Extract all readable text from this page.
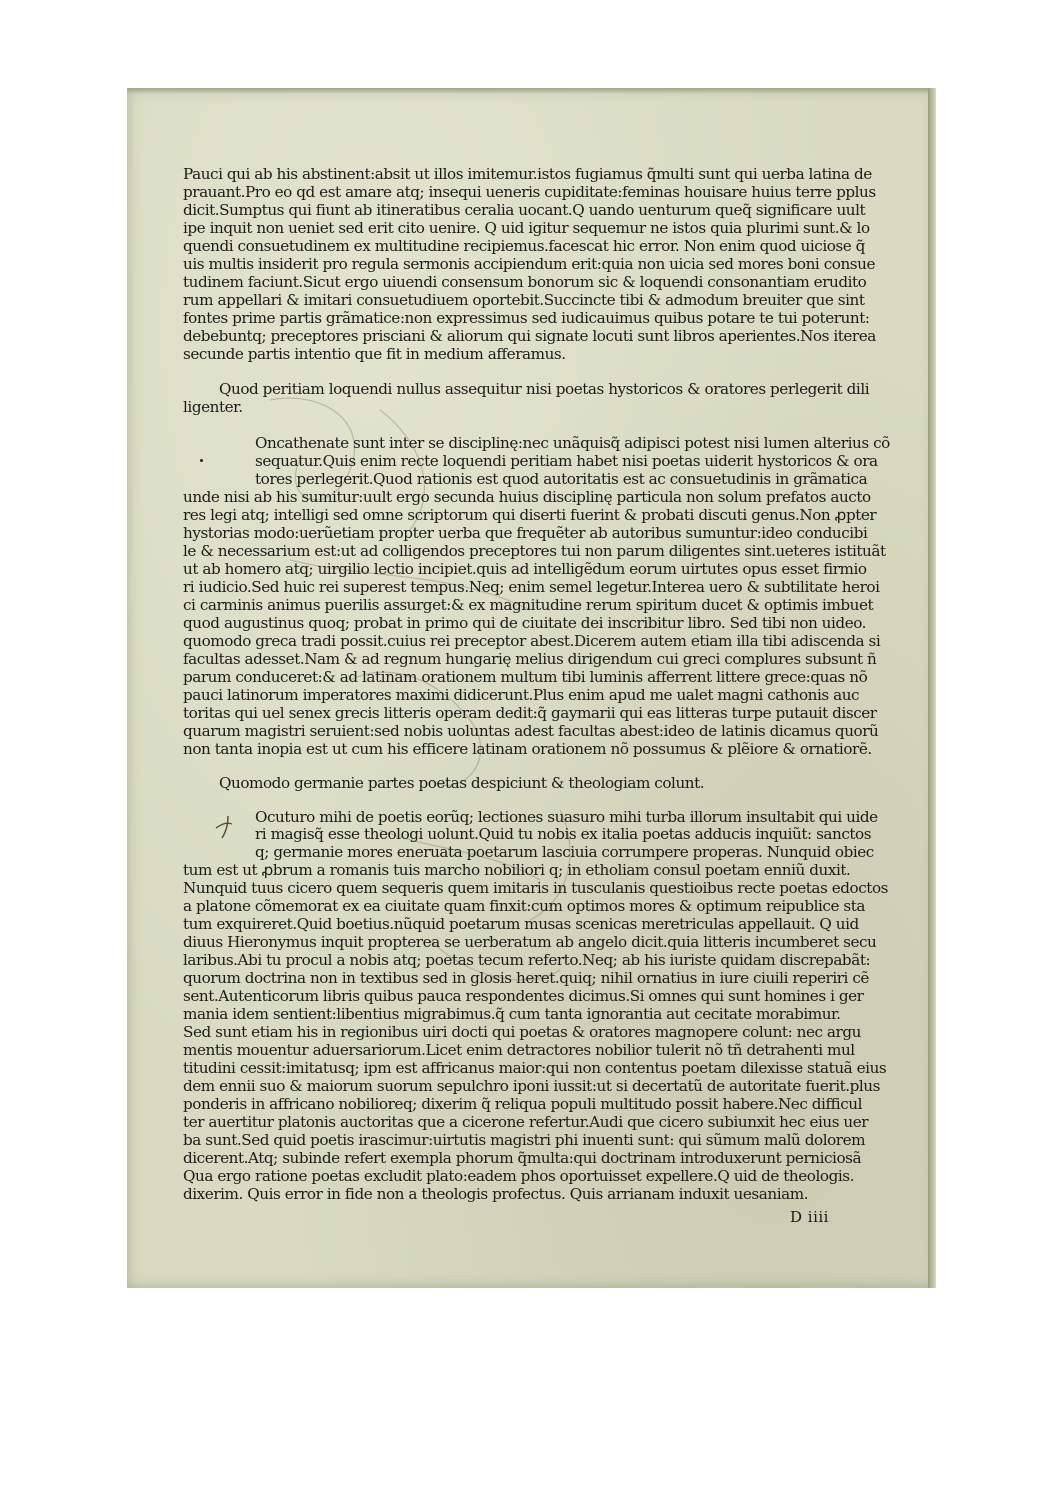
Pauci qui ab his abstinent:absit ut illos imitemur.istos fugiamus q̃multi sunt qui uerba latina de
prauant.Pro eo qd est amare atq; insequi ueneris cupiditate:feminas houisare huius terre pplus
dicit.Sumptus qui fiunt ab itineratibus ceralia uocant.Q uando uenturum queq̃ significare uult
ipe inquit non ueniet sed erit cito uenire. Q uid igitur sequemur ne istos quia plurimi sunt.& lo
quendi consuetudinem ex multitudine recipiemus.facescat hic error. Non enim quod uiciose q̃
uis multis insiderit pro regula sermonis accipiendum erit:quia non uicia sed mores boni consue
tudinem faciunt.Sicut ergo uiuendi consensum bonorum sic & loquendi consonantiam erudito
rum appellari & imitari consuetudiuem oportebit.Succincte tibi & admodum breuiter que sint
fontes prime partis grãmatice:non expressimus sed iudicauimus quibus potare te tui poterunt:
debebuntq; preceptores prisciani & aliorum qui signate locuti sunt libros aperientes.Nos iterea
secunde partis intentio que fit in medium afferamus.
Quod peritiam loquendi nullus assequitur nisi poetas hystoricos & oratores perlegerit dili
ligenter.
Oncathenate sunt inter se disciplinę:nec unãquisq̃ adipisci potest nisi lumen alterius cõ
sequatur.Quis enim recte loquendi peritiam habet nisi poetas uiderit hystoricos & ora
tores perlegerit.Quod rationis est quod autoritatis est ac consuetudinis in grãmatica
unde nisi ab his sumitur:uult ergo secunda huius disciplinę particula non solum prefatos aucto
res legi atq; intelligi sed omne scriptorum qui diserti fuerint & probati discuti genus.Non ꝓpter
hystorias modo:uerũetiam propter uerba que frequẽter ab autoribus sumuntur:ideo conducibi
le & necessarium est:ut ad colligendos preceptores tui non parum diligentes sint.ueteres istituãt
ut ab homero atq; uirgilio lectio incipiet.quis ad intelligẽdum eorum uirtutes opus esset firmio
ri iudicio.Sed huic rei superest tempus.Neq; enim semel legetur.Interea uero & subtilitate heroi
ci carminis animus puerilis assurget:& ex magnitudine rerum spiritum ducet & optimis imbuet
quod augustinus quoq; probat in primo qui de ciuitate dei inscribitur libro. Sed tibi non uideo.
quomodo greca tradi possit.cuius rei preceptor abest.Dicerem autem etiam illa tibi adiscenda si
facultas adesset.Nam & ad regnum hungarię melius dirigendum cui greci complures subsunt ñ
parum conduceret:& ad latinam orationem multum tibi luminis afferrent littere grece:quas nõ
pauci latinorum imperatores maximi didicerunt.Plus enim apud me ualet magni cathonis auc
toritas qui uel senex grecis litteris operam dedit:q̃ gaymarii qui eas litteras turpe putauit discer
quarum magistri seruient:sed nobis uoluntas adest facultas abest:ideo de latinis dicamus quorũ
non tanta inopia est ut cum his efficere latinam orationem nõ possumus & plẽiore & ornatiorẽ.
Quomodo germanie partes poetas despiciunt & theologiam colunt.
Ocuturo mihi de poetis eorũq; lectiones suasuro mihi turba illorum insultabit qui uide
ri magisq̃ esse theologi uolunt.Quid tu nobis ex italia poetas adducis inquiũt: sanctos
q; germanie mores eneruata poetarum lasciuia corrumpere properas. Nunquid obiec
tum est ut ꝓbrum a romanis tuis marcho nobiliori q; in etholiam consul poetam enniũ duxit.
Nunquid tuus cicero quem sequeris quem imitaris in tusculanis questioibus recte poetas edoctos
a platone cõmemorat ex ea ciuitate quam finxit:cum optimos mores & optimum reipublice sta
tum exquireret.Quid boetius.nũquid poetarum musas scenicas meretriculas appellauit. Q uid
diuus Hieronymus inquit propterea se uerberatum ab angelo dicit.quia litteris incumberet secu
laribus.Abi tu procul a nobis atq; poetas tecum referto.Neq; ab his iuriste quidam discrepabãt:
quorum doctrina non in textibus sed in glosis heret.quiq; nihil ornatius in iure ciuili reperiri cẽ
sent.Autenticorum libris quibus pauca respondentes dicimus.Si omnes qui sunt homines i ger
mania idem sentient:libentius migrabimus.q̃ cum tanta ignorantia aut cecitate morabimur.
Sed sunt etiam his in regionibus uiri docti qui poetas & oratores magnopere colunt: nec argu
mentis mouentur aduersariorum.Licet enim detractores nobilior tulerit nõ tñ detrahenti mul
titudini cessit:imitatusq; ipm est affricanus maior:qui non contentus poetam dilexisse statuã eius
dem ennii suo & maiorum suorum sepulchro iponi iussit:ut si decertatũ de autoritate fuerit.plus
ponderis in affricano nobilioreq; dixerim q̃ reliqua populi multitudo possit habere.Nec difficul
ter auertitur platonis auctoritas que a cicerone refertur.Audi que cicero subiunxit hec eius uer
ba sunt.Sed quid poetis irascimur:uirtutis magistri phi inuenti sunt: qui sũmum malũ dolorem
dicerent.Atq; subinde refert exempla phorum q̃multa:qui doctrinam introduxerunt perniciosã
Qua ergo ratione poetas excludit plato:eadem phos oportuisset expellere.Q uid de theologis.
dixerim. Quis error in fide non a theologis profectus. Quis arrianam induxit uesaniam.
D iiii
